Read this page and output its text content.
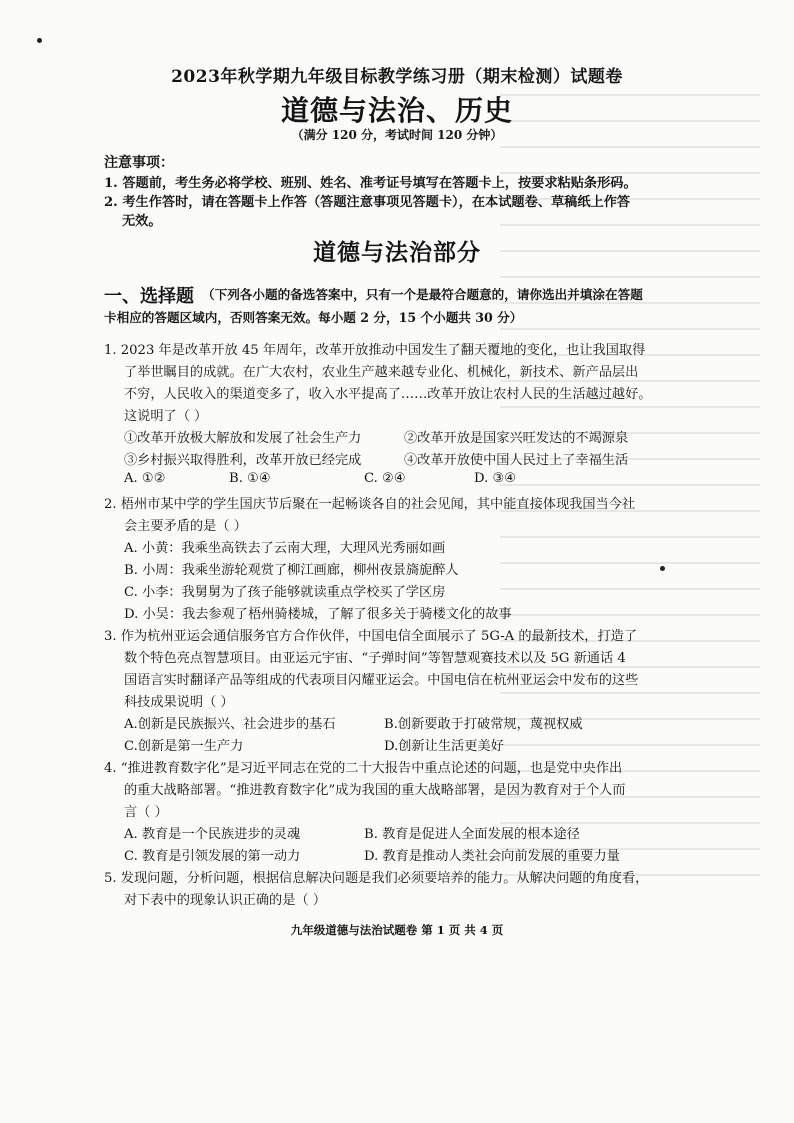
2023年秋学期九年级目标教学练习册（期末检测）试题卷
道德与法治、历史
（满分 120 分，考试时间 120 分钟）
注意事项：
1. 答题前，考生务必将学校、班别、姓名、准考证号填写在答题卡上，按要求粘贴条形码。
2. 考生作答时，请在答题卡上作答（答题注意事项见答题卡），在本试题卷、草稿纸上作答
无效。
道德与法治部分
一、选择题 （下列各小题的备选答案中，只有一个是最符合题意的，请你选出并填涂在答题
卡相应的答题区域内，否则答案无效。每小题 2 分，15 个小题共 30 分）
1. 2023 年是改革开放 45 年周年，改革开放推动中国发生了翻天覆地的变化，也让我国取得
了举世瞩目的成就。在广大农村，农业生产越来越专业化、机械化，新技术、新产品层出
不穷，人民收入的渠道变多了，收入水平提高了……改革开放让农村人民的生活越过越好。
这说明了（ ）
①改革开放极大解放和发展了社会生产力	②改革开放是国家兴旺发达的不竭源泉
③乡村振兴取得胜利，改革开放已经完成	④改革开放使中国人民过上了幸福生活
A. ①②	B. ①④	C. ②④	D. ③④
2. 梧州市某中学的学生国庆节后聚在一起畅谈各自的社会见闻，其中能直接体现我国当今社
会主要矛盾的是（ ）
A. 小黄：我乘坐高铁去了云南大理，大理风光秀丽如画
B. 小周：我乘坐游轮观赏了柳江画廊，柳州夜景旖旎醉人
C. 小李：我舅舅为了孩子能够就读重点学校买了学区房
D. 小吴：我去参观了梧州骑楼城，了解了很多关于骑楼文化的故事
3. 作为杭州亚运会通信服务官方合作伙伴，中国电信全面展示了 5G-A 的最新技术，打造了
数个特色亮点智慧项目。由亚运元宇宙、“子弹时间”等智慧观赛技术以及 5G 新通话 4
国语言实时翻译产品等组成的代表项目闪耀亚运会。中国电信在杭州亚运会中发布的这些
科技成果说明（ ）
A.创新是民族振兴、社会进步的基石	B.创新要敢于打破常规，蔑视权威
C.创新是第一生产力	D.创新让生活更美好
4. “推进教育数字化”是习近平同志在党的二十大报告中重点论述的问题，也是党中央作出
的重大战略部署。“推进教育数字化”成为我国的重大战略部署，是因为教育对于个人而
言（ ）
A. 教育是一个民族进步的灵魂	B. 教育是促进人全面发展的根本途径
C. 教育是引领发展的第一动力	D. 教育是推动人类社会向前发展的重要力量
5. 发现问题，分析问题，根据信息解决问题是我们必须要培养的能力。从解决问题的角度看，
对下表中的现象认识正确的是（ ）
九年级道德与法治试题卷 第 1 页 共 4 页
